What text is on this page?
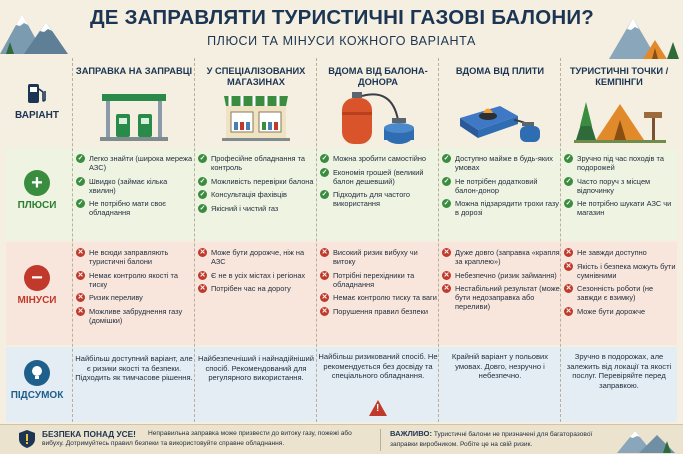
ДЕ ЗАПРАВЛЯТИ ТУРИСТИЧНІ ГАЗОВІ БАЛОНИ?
ПЛЮСИ ТА МІНУСИ КОЖНОГО ВАРІАНТА
ВАРІАНТ
+
ПЛЮСИ
−
МІНУСИ
ПІДСУМОК
ЗАПРАВКА НА ЗАПРАВЦІ
✓ Легко знайти (широка мережа АЗС)
✓ Швидко (займає кілька хвилин)
✓ Не потрібно мати своє обладнання
✕ Не всюди заправляють туристичні балони
✕ Немає контролю якості та тиску
✕ Ризик переливу
✕ Можливе забруднення газу (домішки)
Найбільш доступний варіант, але є ризики якості та безпеки. Підходить як тимчасове рішення.
У СПЕЦІАЛІЗОВАНИХ МАГАЗИНАХ
✓ Професійне обладнання та контроль
✓ Можливість перевірки балона
✓ Консультація фахівців
✓ Якісний і чистий газ
✕ Може бути дорожче, ніж на АЗС
✕ Є не в усіх містах і регіонах
✕ Потрібен час на дорогу
Найбезпечніший і найнадійніший спосіб. Рекомендований для регулярного використання.
ВДОМА ВІД БАЛОНА-ДОНОРА
✓ Можна зробити самостійно
✓ Економія грошей (великий балон дешевший)
✓ Підходить для частого використання
✕ Високий ризик вибуху чи витоку
✕ Потрібні перехідники та обладнання
✕ Немає контролю тиску та ваги
✕ Порушення правил безпеки
Найбільш ризикований спосіб. Не рекомендується без досвіду та спеціального обладнання.
!
ВДОМА ВІД ПЛИТИ
✓ Доступно майже в будь-яких умовах
✓ Не потрібен додатковий балон-донор
✓ Можна підзарядити трохи газу в дорозі
✕ Дуже довго (заправка «крапля за краплею»)
✕ Небезпечно (ризик займання)
✕ Нестабільний результат (може бути недозаправка або переливи)
Крайній варіант у польових умовах. Довго, незручно і небезпечно.
ТУРИСТИЧНІ ТОЧКИ / КЕМПІНГИ
✓ Зручно під час походів та подорожей
✓ Часто поруч з місцем відпочинку
✓ Не потрібно шукати АЗС чи магазин
✕ Не завжди доступно
✕ Якість і безпека можуть бути сумнівними
✕ Сезонність роботи (не завжди є взимку)
✕ Може бути дорожче
Зручно в подорожах, але залежить від локації та якості послуг. Перевіряйте перед заправкою.
БЕЗПЕКА ПОНАД УСЕ!	Неправильна заправка може призвести до витоку газу, пожежі або вибуху. Дотримуйтесь правил безпеки та використовуйте справне обладнання.
ВАЖЛИВО: Туристичні балони не призначені для багаторазової заправки виробником. Робіте це на свій ризик.
